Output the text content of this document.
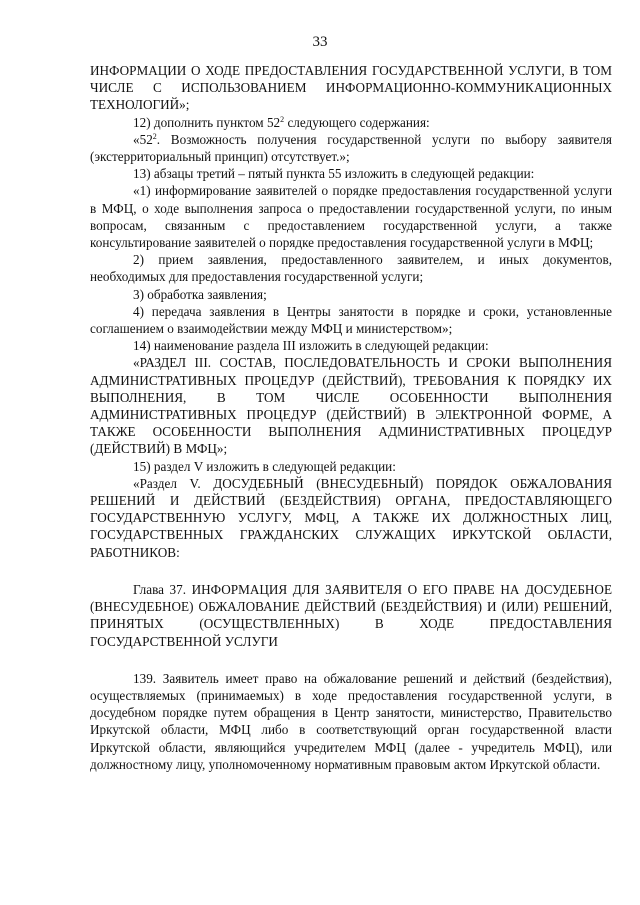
33

ИНФОРМАЦИИ О ХОДЕ ПРЕДОСТАВЛЕНИЯ ГОСУДАРСТВЕННОЙ УСЛУГИ, В ТОМ ЧИСЛЕ С ИСПОЛЬЗОВАНИЕМ ИНФОРМАЦИОННО-КОММУНИКАЦИОННЫХ ТЕХНОЛОГИЙ»;

12) дополнить пунктом $52^2$ следующего содержания:

«$52^2$. Возможность получения государственной услуги по выбору заявителя (экстерриториальный принцип) отсутствует.»;

13) абзацы третий – пятый пункта 55 изложить в следующей редакции:

«1) информирование заявителей о порядке предоставления государственной услуги в МФЦ, о ходе выполнения запроса о предоставлении государственной услуги, по иным вопросам, связанным с предоставлением государственной услуги, а также консультирование заявителей о порядке предоставления государственной услуги в МФЦ;

2) прием заявления, предоставленного заявителем, и иных документов, необходимых для предоставления государственной услуги;

3) обработка заявления;

4) передача заявления в Центры занятости в порядке и сроки, установленные соглашением о взаимодействии между МФЦ и министерством»;

14) наименование раздела III изложить в следующей редакции:

«РАЗДЕЛ III. СОСТАВ, ПОСЛЕДОВАТЕЛЬНОСТЬ И СРОКИ ВЫПОЛНЕНИЯ АДМИНИСТРАТИВНЫХ ПРОЦЕДУР (ДЕЙСТВИЙ), ТРЕБОВАНИЯ К ПОРЯДКУ ИХ ВЫПОЛНЕНИЯ, В ТОМ ЧИСЛЕ ОСОБЕННОСТИ ВЫПОЛНЕНИЯ АДМИНИСТРАТИВНЫХ ПРОЦЕДУР (ДЕЙСТВИЙ) В ЭЛЕКТРОННОЙ ФОРМЕ, А ТАКЖЕ ОСОБЕННОСТИ ВЫПОЛНЕНИЯ АДМИНИСТРАТИВНЫХ ПРОЦЕДУР (ДЕЙСТВИЙ) В МФЦ»;

15) раздел V изложить в следующей редакции:

«Раздел V. ДОСУДЕБНЫЙ (ВНЕСУДЕБНЫЙ) ПОРЯДОК ОБЖАЛОВАНИЯ РЕШЕНИЙ И ДЕЙСТВИЙ (БЕЗДЕЙСТВИЯ) ОРГАНА, ПРЕДОСТАВЛЯЮЩЕГО ГОСУДАРСТВЕННУЮ УСЛУГУ, МФЦ, А ТАКЖЕ ИХ ДОЛЖНОСТНЫХ ЛИЦ, ГОСУДАРСТВЕННЫХ ГРАЖДАНСКИХ СЛУЖАЩИХ ИРКУТСКОЙ ОБЛАСТИ, РАБОТНИКОВ:

Глава 37. ИНФОРМАЦИЯ ДЛЯ ЗАЯВИТЕЛЯ О ЕГО ПРАВЕ НА ДОСУДЕБНОЕ (ВНЕСУДЕБНОЕ) ОБЖАЛОВАНИЕ ДЕЙСТВИЙ (БЕЗДЕЙСТВИЯ) И (ИЛИ) РЕШЕНИЙ, ПРИНЯТЫХ (ОСУЩЕСТВЛЕННЫХ) В ХОДЕ ПРЕДОСТАВЛЕНИЯ ГОСУДАРСТВЕННОЙ УСЛУГИ

139. Заявитель имеет право на обжалование решений и действий (бездействия), осуществляемых (принимаемых) в ходе предоставления государственной услуги, в досудебном порядке путем обращения в Центр занятости, министерство, Правительство Иркутской области, МФЦ либо в соответствующий орган государственной власти Иркутской области, являющийся учредителем МФЦ (далее - учредитель МФЦ), или должностному лицу, уполномоченному нормативным правовым актом Иркутской области.
